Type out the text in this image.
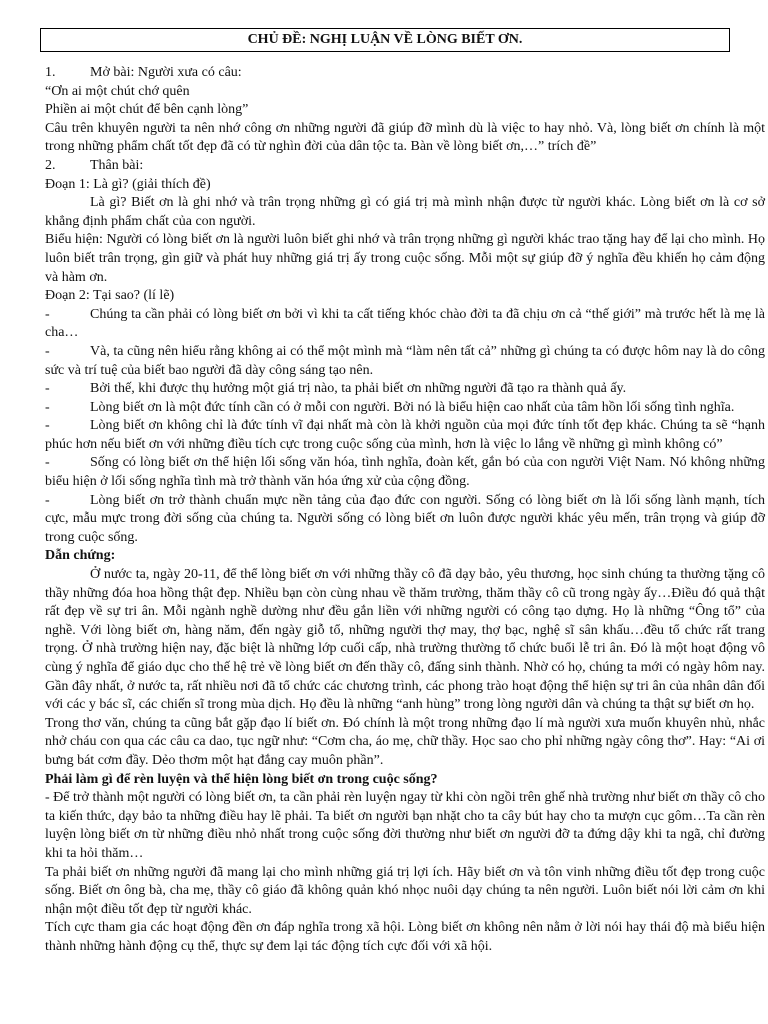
CHỦ ĐỀ: NGHỊ LUẬN VỀ LÒNG BIẾT ƠN.

1. Mở bài: Người xưa có câu:

“Ơn ai một chút chớ quên

Phiền ai một chút để bên cạnh lòng”

Câu trên khuyên người ta nên nhớ công ơn những người đã giúp đỡ mình dù là việc to hay nhỏ. Và, lòng biết ơn chính là một trong những phẩm chất tốt đẹp đã có từ nghìn đời của dân tộc ta. Bàn về lòng biết ơn,…” trích đề”

2. Thân bài:

Đoạn 1: Là gì? (giải thích đề)

Là gì? Biết ơn là ghi nhớ và trân trọng những gì có giá trị mà mình nhận được từ người khác. Lòng biết ơn là cơ sở khẳng định phẩm chất của con người.

Biểu hiện: Người có lòng biết ơn là người luôn biết ghi nhớ và trân trọng những gì người khác trao tặng hay để lại cho mình. Họ luôn biết trân trọng, gìn giữ và phát huy những giá trị ấy trong cuộc sống. Mỗi một sự giúp đỡ ý nghĩa đều khiến họ cảm động và hàm ơn.

Đoạn 2: Tại sao? (lí lẽ)

-	Chúng ta cần phải có lòng biết ơn bởi vì khi ta cất tiếng khóc chào đời ta đã chịu ơn cả “thế giới” mà trước hết là mẹ là cha…

-	Và, ta cũng nên hiểu rằng không ai có thể một mình mà “làm nên tất cả” những gì chúng ta có được hôm nay là do công sức và trí tuệ của biết bao người đã dày công sáng tạo nên.

-	Bởi thế, khi được thụ hưởng một giá trị nào, ta phải biết ơn những người đã tạo ra thành quả ấy.

-	Lòng biết ơn là một đức tính cần có ở mỗi con người. Bởi nó là biểu hiện cao nhất của tâm hồn lối sống tình nghĩa.

-	Lòng biết ơn không chỉ là đức tính vĩ đại nhất mà còn là khởi nguồn của mọi đức tính tốt đẹp khác. Chúng ta sẽ “hạnh phúc hơn nếu biết ơn với những điều tích cực trong cuộc sống của mình, hơn là việc lo lắng về những gì mình không có”

-	Sống có lòng biết ơn thể hiện lối sống văn hóa, tình nghĩa, đoàn kết, gắn bó của con người Việt Nam. Nó không những biểu hiện ở lối sống nghĩa tình mà trở thành văn hóa ứng xử của cộng đồng.

-	Lòng biết ơn trở thành chuẩn mực nền tảng của đạo đức con người. Sống có lòng biết ơn là lối sống lành mạnh, tích cực, mẫu mực trong đời sống của chúng ta. Người sống có lòng biết ơn luôn được người khác yêu mến, trân trọng và giúp đỡ trong cuộc sống.

Dẫn chứng:

Ở nước ta, ngày 20-11, để thể lòng biết ơn với những thầy cô đã dạy bảo, yêu thương, học sinh chúng ta thường tặng cô thầy những đóa hoa hồng thật đẹp. Nhiều bạn còn cùng nhau về thăm trường, thăm thầy cô cũ trong ngày ấy…Điều đó quả thật rất đẹp về sự tri ân. Mỗi ngành nghề dường như đều gắn liền với những người có công tạo dựng. Họ là những “Ông tổ” của nghề. Với lòng biết ơn, hàng năm, đến ngày giỗ tổ, những người thợ may, thợ bạc, nghệ sĩ sân khấu…đều tổ chức rất trang trọng. Ở nhà trường hiện nay, đặc biệt là những lớp cuối cấp, nhà trường thường tổ chức buổi lễ tri ân. Đó là một hoạt động vô cùng ý nghĩa để giáo dục cho thế hệ trẻ về lòng biết ơn đến thầy cô, đấng sinh thành. Nhờ có họ, chúng ta mới có ngày hôm nay. Gần đây nhất, ở nước ta, rất nhiều nơi đã tổ chức các chương trình, các phong trào hoạt động thể hiện sự tri ân của nhân dân đối với các y bác sĩ, các chiến sĩ trong mùa dịch. Họ đều là những “anh hùng” trong lòng người dân và chúng ta thật sự biết ơn họ.

Trong thơ văn, chúng ta cũng bắt gặp đạo lí biết ơn. Đó chính là một trong những đạo lí mà người xưa muốn khuyên nhủ, nhắc nhở cháu con qua các câu ca dao, tục ngữ như: “Cơm cha, áo mẹ, chữ thầy. Học sao cho phỉ những ngày công thơ”. Hay: “Ai ơi bưng bát cơm đầy. Dẻo thơm một hạt đắng cay muôn phần”.

Phải làm gì để rèn luyện và thể hiện lòng biết ơn trong cuộc sống?

- Để trở thành một người có lòng biết ơn, ta cần phải rèn luyện ngay từ khi còn ngồi trên ghế nhà trường như biết ơn thầy cô cho ta kiến thức, dạy bảo ta những điều hay lẽ phải. Ta biết ơn người bạn nhặt cho ta cây bút hay cho ta mượn cục gôm…Ta cần rèn luyện lòng biết ơn từ những điều nhỏ nhất trong cuộc sống đời thường như biết ơn người đỡ ta đứng dậy khi ta ngã, chỉ đường khi ta hỏi thăm…

Ta phải biết ơn những người đã mang lại cho mình những giá trị lợi ích. Hãy biết ơn và tôn vinh những điều tốt đẹp trong cuộc sống. Biết ơn ông bà, cha mẹ, thầy cô giáo đã không quản khó nhọc nuôi dạy chúng ta nên người. Luôn biết nói lời cảm ơn khi nhận một điều tốt đẹp từ người khác.

Tích cực tham gia các hoạt động đền ơn đáp nghĩa trong xã hội. Lòng biết ơn không nên nằm ở lời nói hay thái độ mà biểu hiện thành những hành động cụ thể, thực sự đem lại tác động tích cực đối với xã hội.
